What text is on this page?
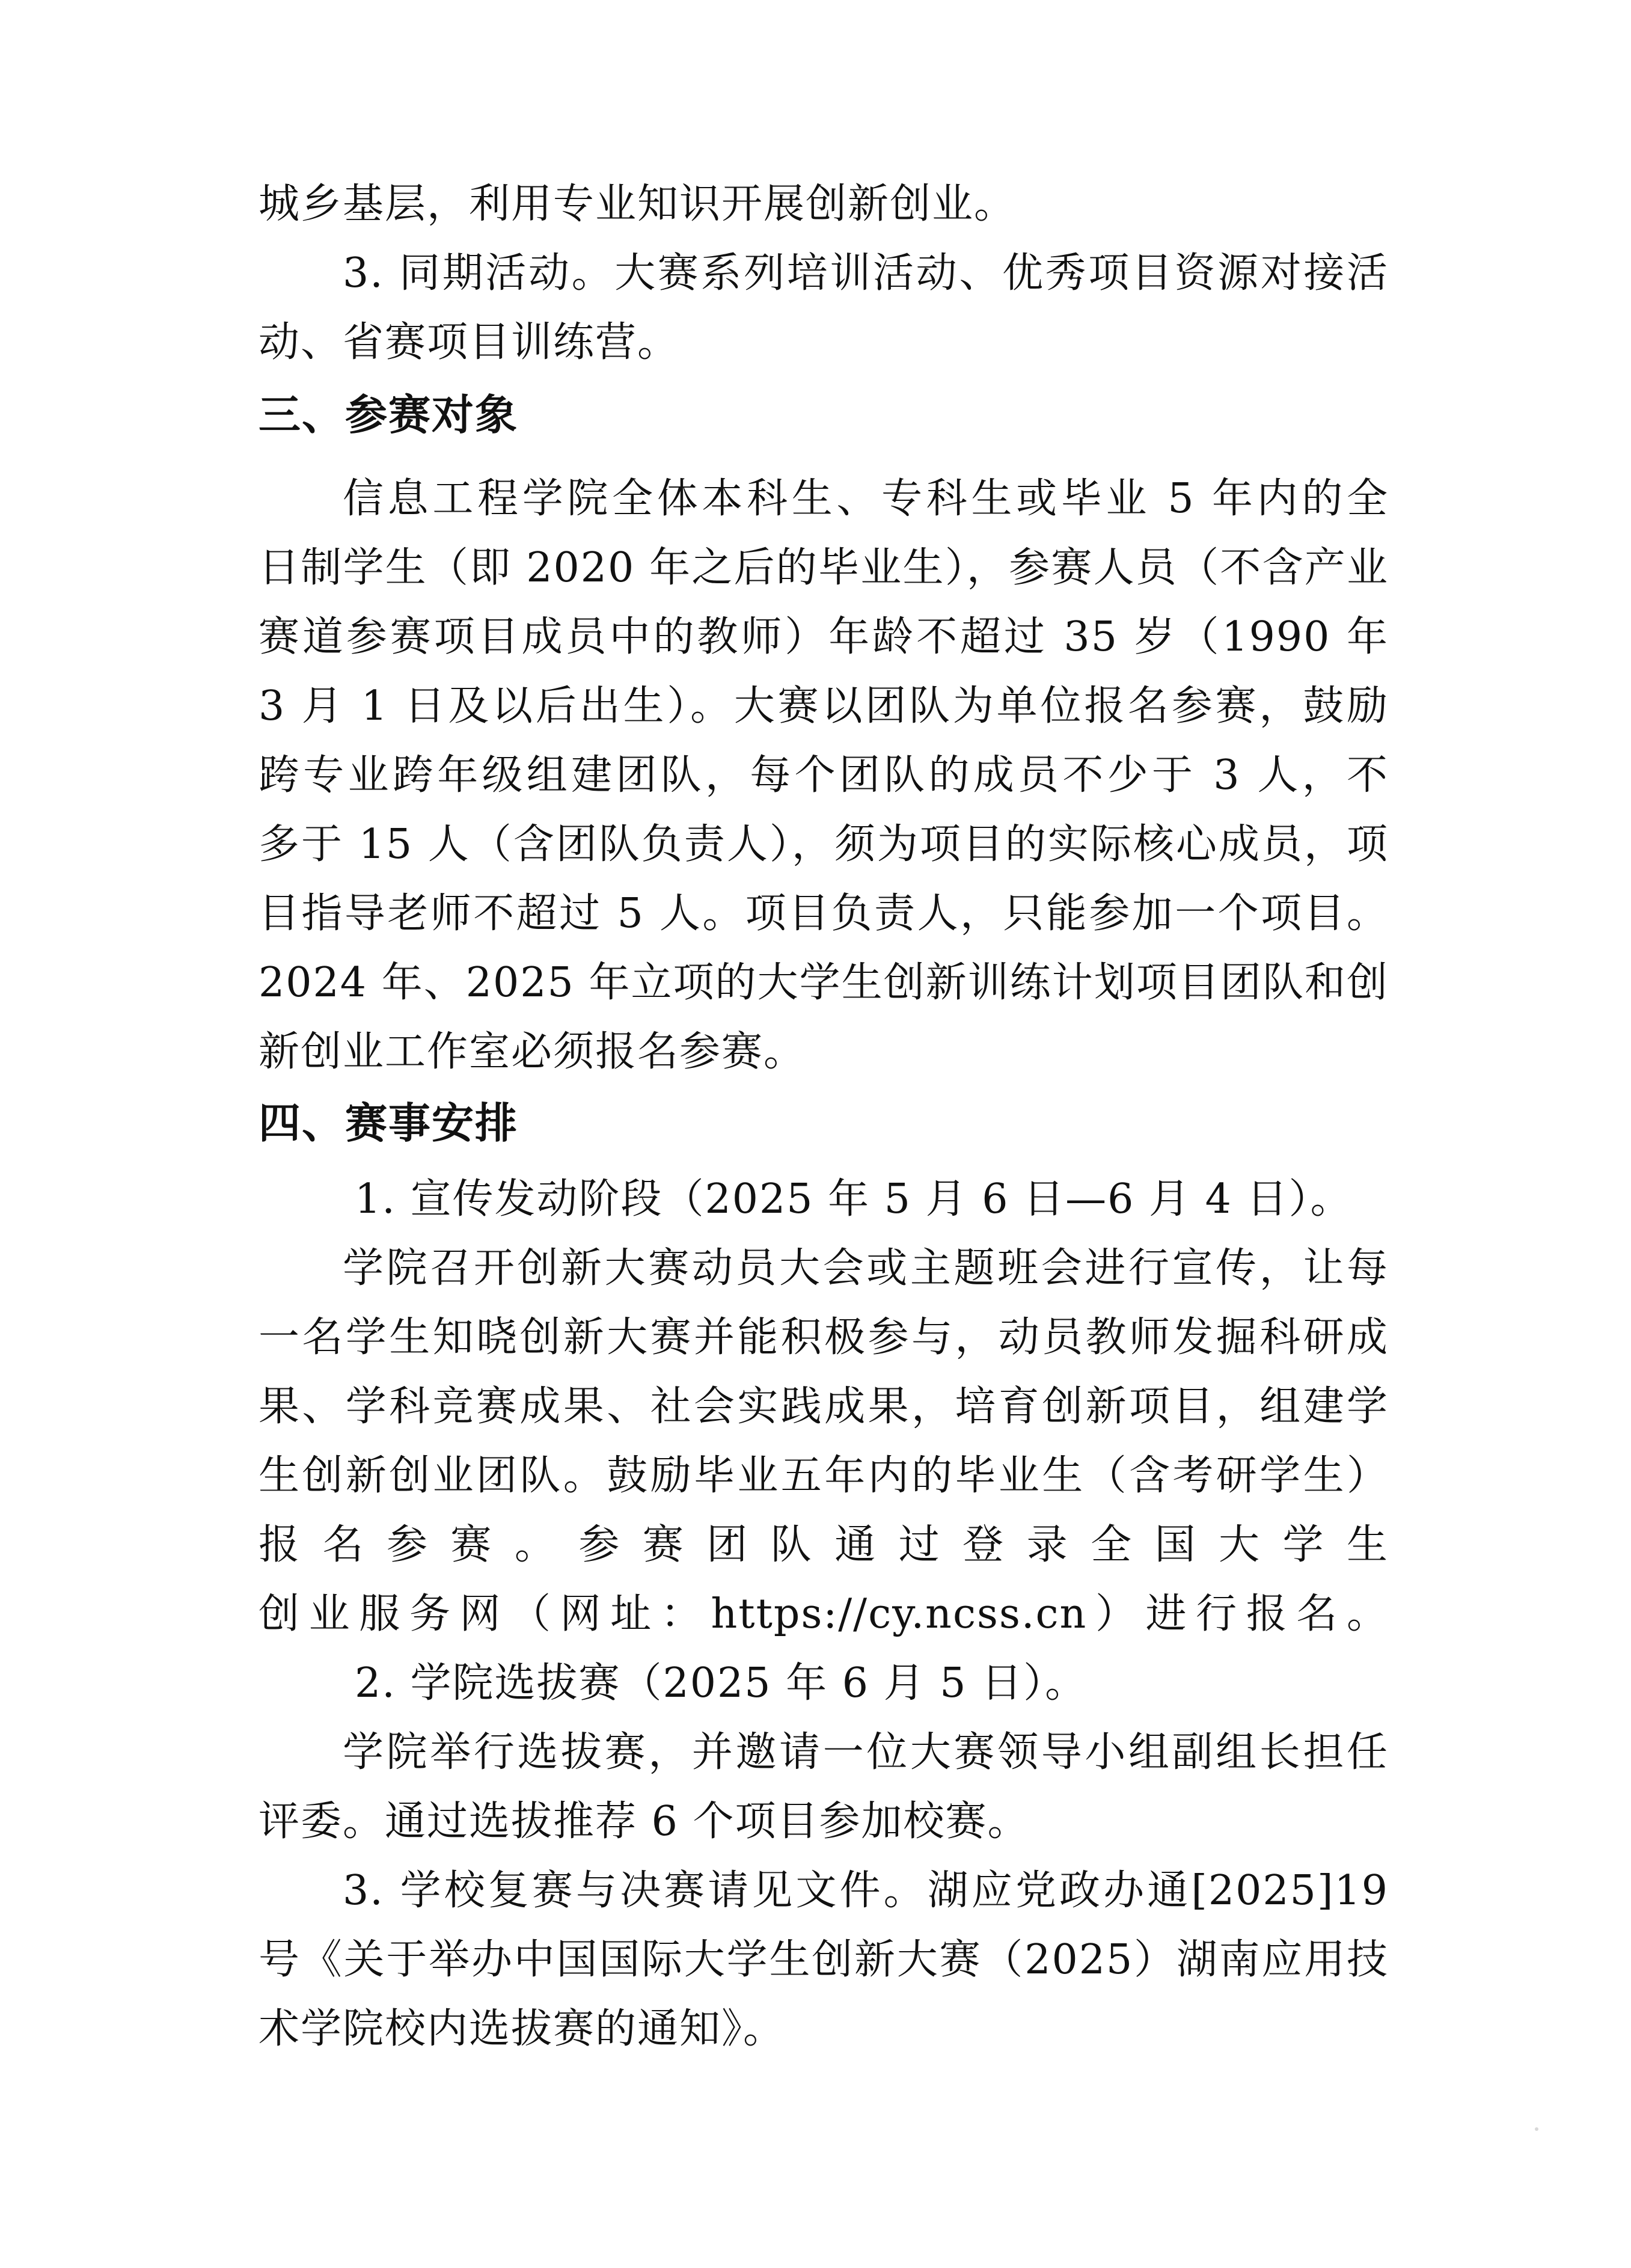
城乡基层，利用专业知识开展创新创业。
3. 同期活动。大赛系列培训活动、优秀项目资源对接活
动、省赛项目训练营。
三、参赛对象
信息工程学院全体本科生、专科生或毕业 5 年内的全
日制学生（即 2020 年之后的毕业生），参赛人员（不含产业
赛道参赛项目成员中的教师）年龄不超过 35 岁（1990 年
3 月 1 日及以后出生）。大赛以团队为单位报名参赛，鼓励
跨专业跨年级组建团队，每个团队的成员不少于 3 人，不
多于 15 人（含团队负责人），须为项目的实际核心成员，项
目指导老师不超过 5 人。项目负责人，只能参加一个项目。
2024 年、2025 年立项的大学生创新训练计划项目团队和创
新创业工作室必须报名参赛。
四、赛事安排
1. 宣传发动阶段（2025 年 5 月 6 日—6 月 4 日）。
学院召开创新大赛动员大会或主题班会进行宣传，让每
一名学生知晓创新大赛并能积极参与，动员教师发掘科研成
果、学科竞赛成果、社会实践成果，培育创新项目，组建学
生创新创业团队。鼓励毕业五年内的毕业生（含考研学生）
报名参赛。参赛团队通过登录全国大学生
创业服务网（网址：https://cy.ncss.cn）进行报名。
2. 学院选拔赛（2025 年 6 月 5 日）。
学院举行选拔赛，并邀请一位大赛领导小组副组长担任
评委。通过选拔推荐 6 个项目参加校赛。
3. 学校复赛与决赛请见文件。湖应党政办通[2025]19
号《关于举办中国国际大学生创新大赛（2025）湖南应用技
术学院校内选拔赛的通知》。
